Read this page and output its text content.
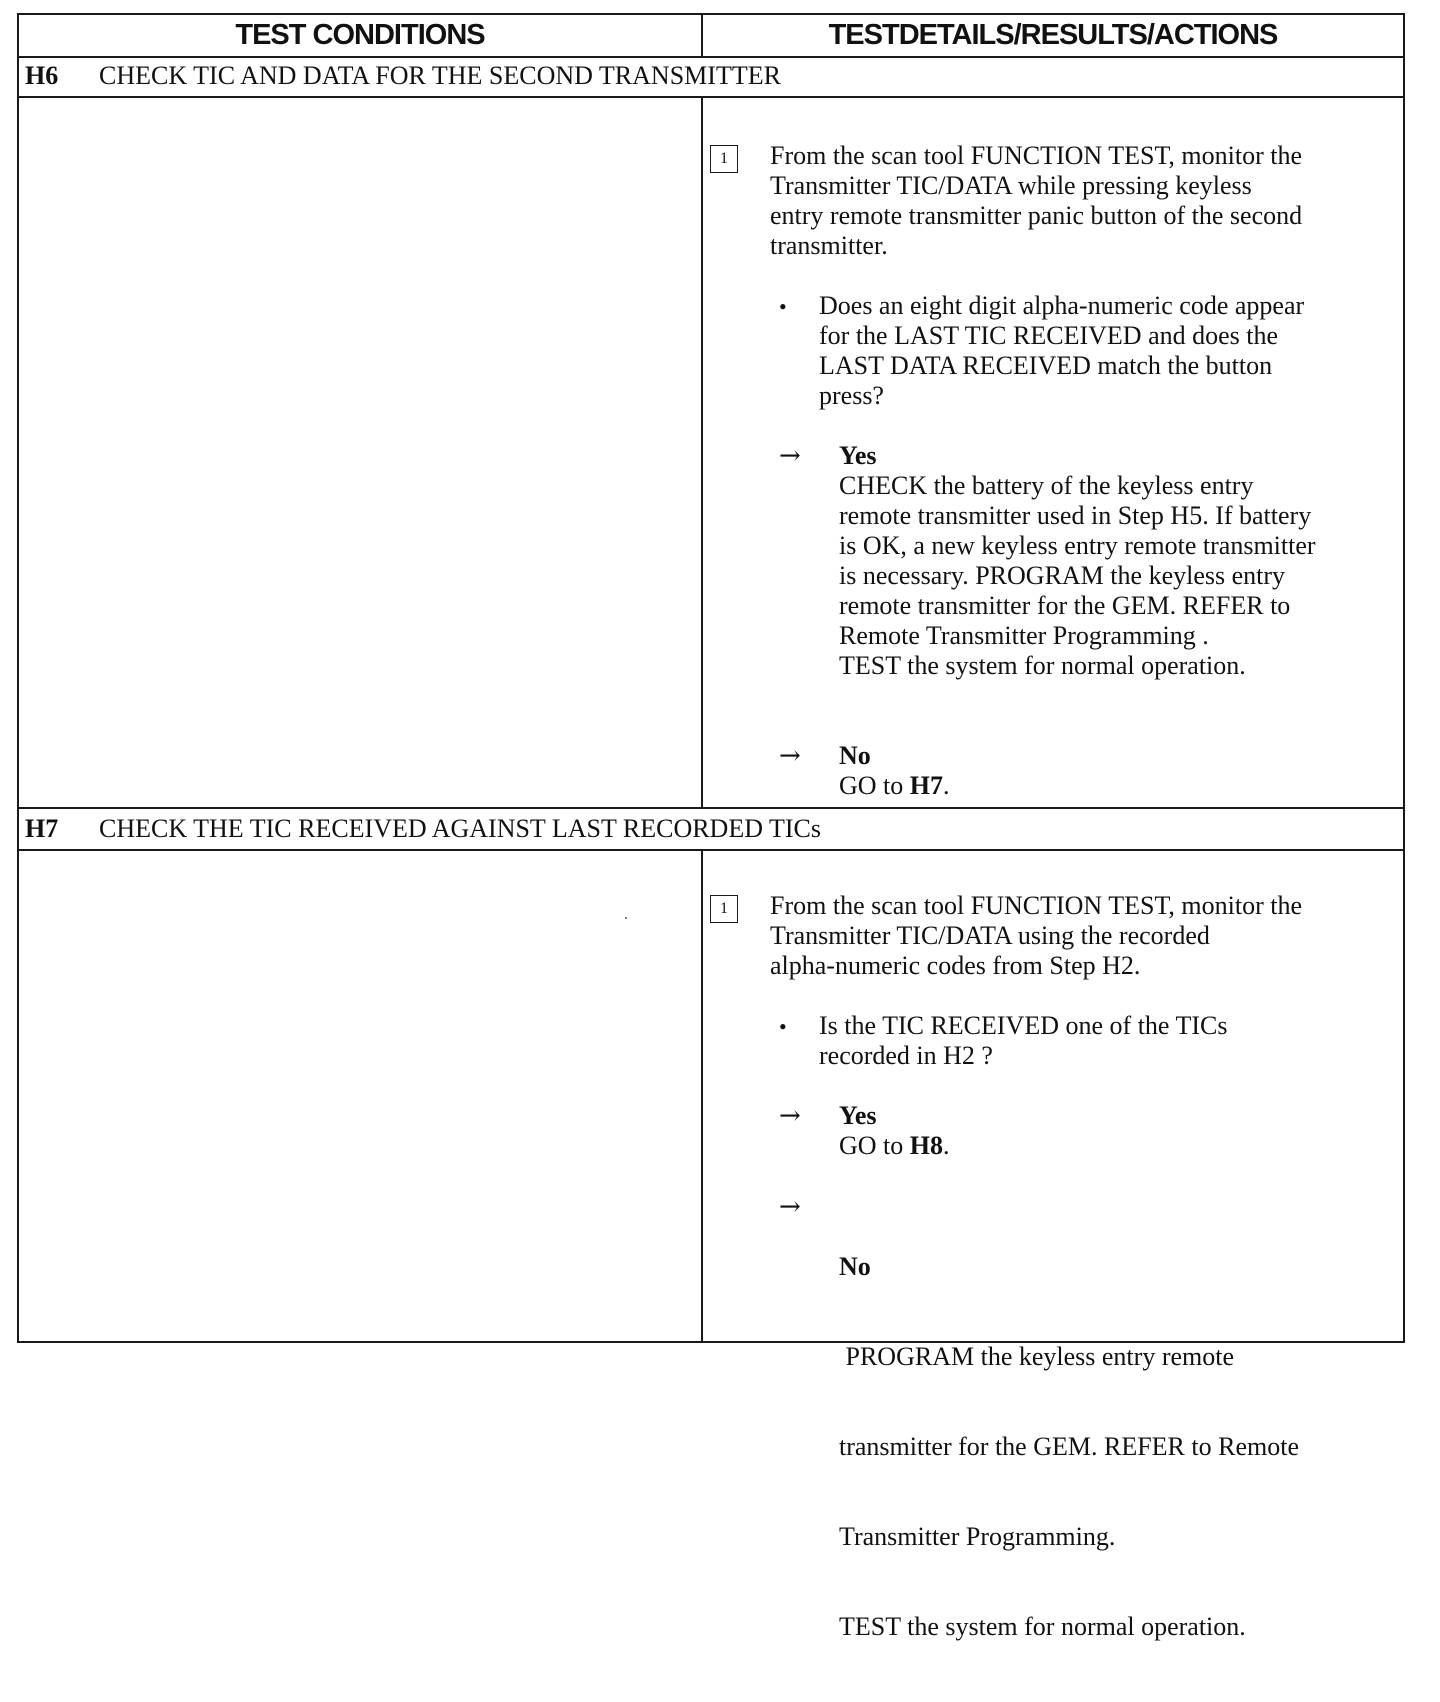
TEST CONDITIONS	TESTDETAILS/RESULTS/ACTIONS
H6 CHECK TIC AND DATA FOR THE SECOND TRANSMITTER
1	From the scan tool FUNCTION TEST, monitor the
Transmitter TIC/DATA while pressing keyless
entry remote transmitter panic button of the second
transmitter.
• Does an eight digit alpha-numeric code appear
for the LAST TIC RECEIVED and does the
LAST DATA RECEIVED match the button
press?
→ Yes
CHECK the battery of the keyless entry
remote transmitter used in Step H5. If battery
is OK, a new keyless entry remote transmitter
is necessary. PROGRAM the keyless entry
remote transmitter for the GEM. REFER to
Remote Transmitter Programming .
TEST the system for normal operation.
→ No
GO to H7.
H7 CHECK THE TIC RECEIVED AGAINST LAST RECORDED TICs
1	From the scan tool FUNCTION TEST, monitor the
Transmitter TIC/DATA using the recorded
alpha-numeric codes from Step H2.
• Is the TIC RECEIVED one of the TICs
recorded in H2 ?
→ Yes
GO to H8.
→

No

PROGRAM the keyless entry remote

transmitter for the GEM. REFER to Remote

Transmitter Programming.

TEST the system for normal operation.
